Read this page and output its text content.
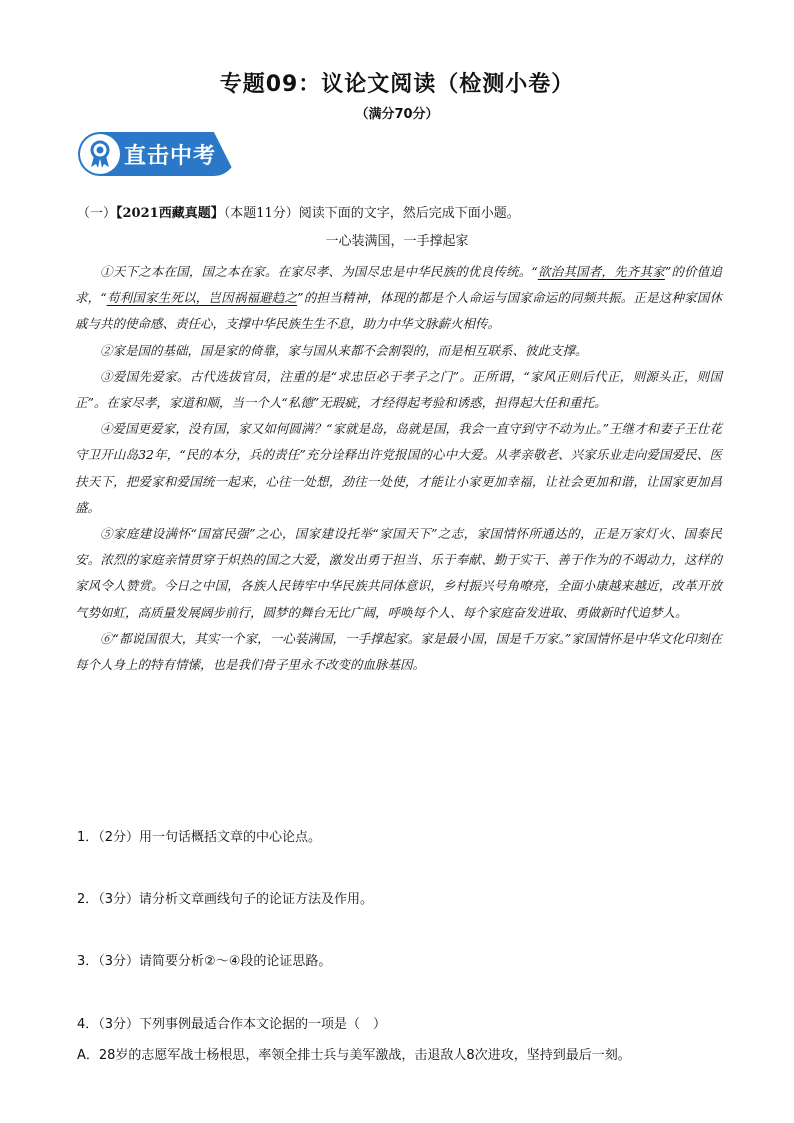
专题09：议论文阅读（检测小卷）
（满分70分）
直击中考
（一）【2021西藏真题】（本题11分）阅读下面的文字，然后完成下面小题。
一心装满国，一手撑起家

①天下之本在国，国之本在家。在家尽孝、为国尽忠是中华民族的优良传统。“欲治其国者，先齐其家”的价值追求，“苟利国家生死以，岂因祸福避趋之”的担当精神，体现的都是个人命运与国家命运的同频共振。正是这种家国休戚与共的使命感、责任心，支撑中华民族生生不息，助力中华文脉薪火相传。

②家是国的基础，国是家的倚靠，家与国从来都不会割裂的，而是相互联系、彼此支撑。

③爱国先爱家。古代选拔官员，注重的是“求忠臣必于孝子之门”。正所谓，“家风正则后代正，则源头正，则国正”。在家尽孝，家道和顺，当一个人“私德”无瑕疵，才经得起考验和诱惑，担得起大任和重托。

④爱国更爱家，没有国，家又如何圆满？“家就是岛，岛就是国，我会一直守到守不动为止。”王继才和妻子王仕花守卫开山岛32年，“民的本分，兵的责任”充分诠释出许党报国的心中大爱。从孝亲敬老、兴家乐业走向爱国爱民、医扶天下，把爱家和爱国统一起来，心往一处想，劲往一处使，才能让小家更加幸福，让社会更加和谐，让国家更加昌盛。

⑤家庭建设满怀“国富民强”之心，国家建设托举“家国天下”之志，家国情怀所通达的，正是万家灯火、国泰民安。浓烈的家庭亲情贯穿于炽热的国之大爱，激发出勇于担当、乐于奉献、勤于实干、善于作为的不竭动力，这样的家风令人赞赏。今日之中国，各族人民铸牢中华民族共同体意识，乡村振兴号角嘹亮，全面小康越来越近，改革开放气势如虹，高质量发展阔步前行，圆梦的舞台无比广阔，呼唤每个人、每个家庭奋发进取、勇做新时代追梦人。

⑥“都说国很大，其实一个家，一心装满国，一手撑起家。家是最小国，国是千万家。”家国情怀是中华文化印刻在每个人身上的特有情愫，也是我们骨子里永不改变的血脉基因。

1．（2分）用一句话概括文章的中心论点。
2．（3分）请分析文章画线句子的论证方法及作用。
3．（3分）请简要分析②～④段的论证思路。
4．（3分）下列事例最适合作本文论据的一项是（　）
A．28岁的志愿军战士杨根思，率领全排士兵与美军激战，击退敌人8次进攻，坚持到最后一刻。
